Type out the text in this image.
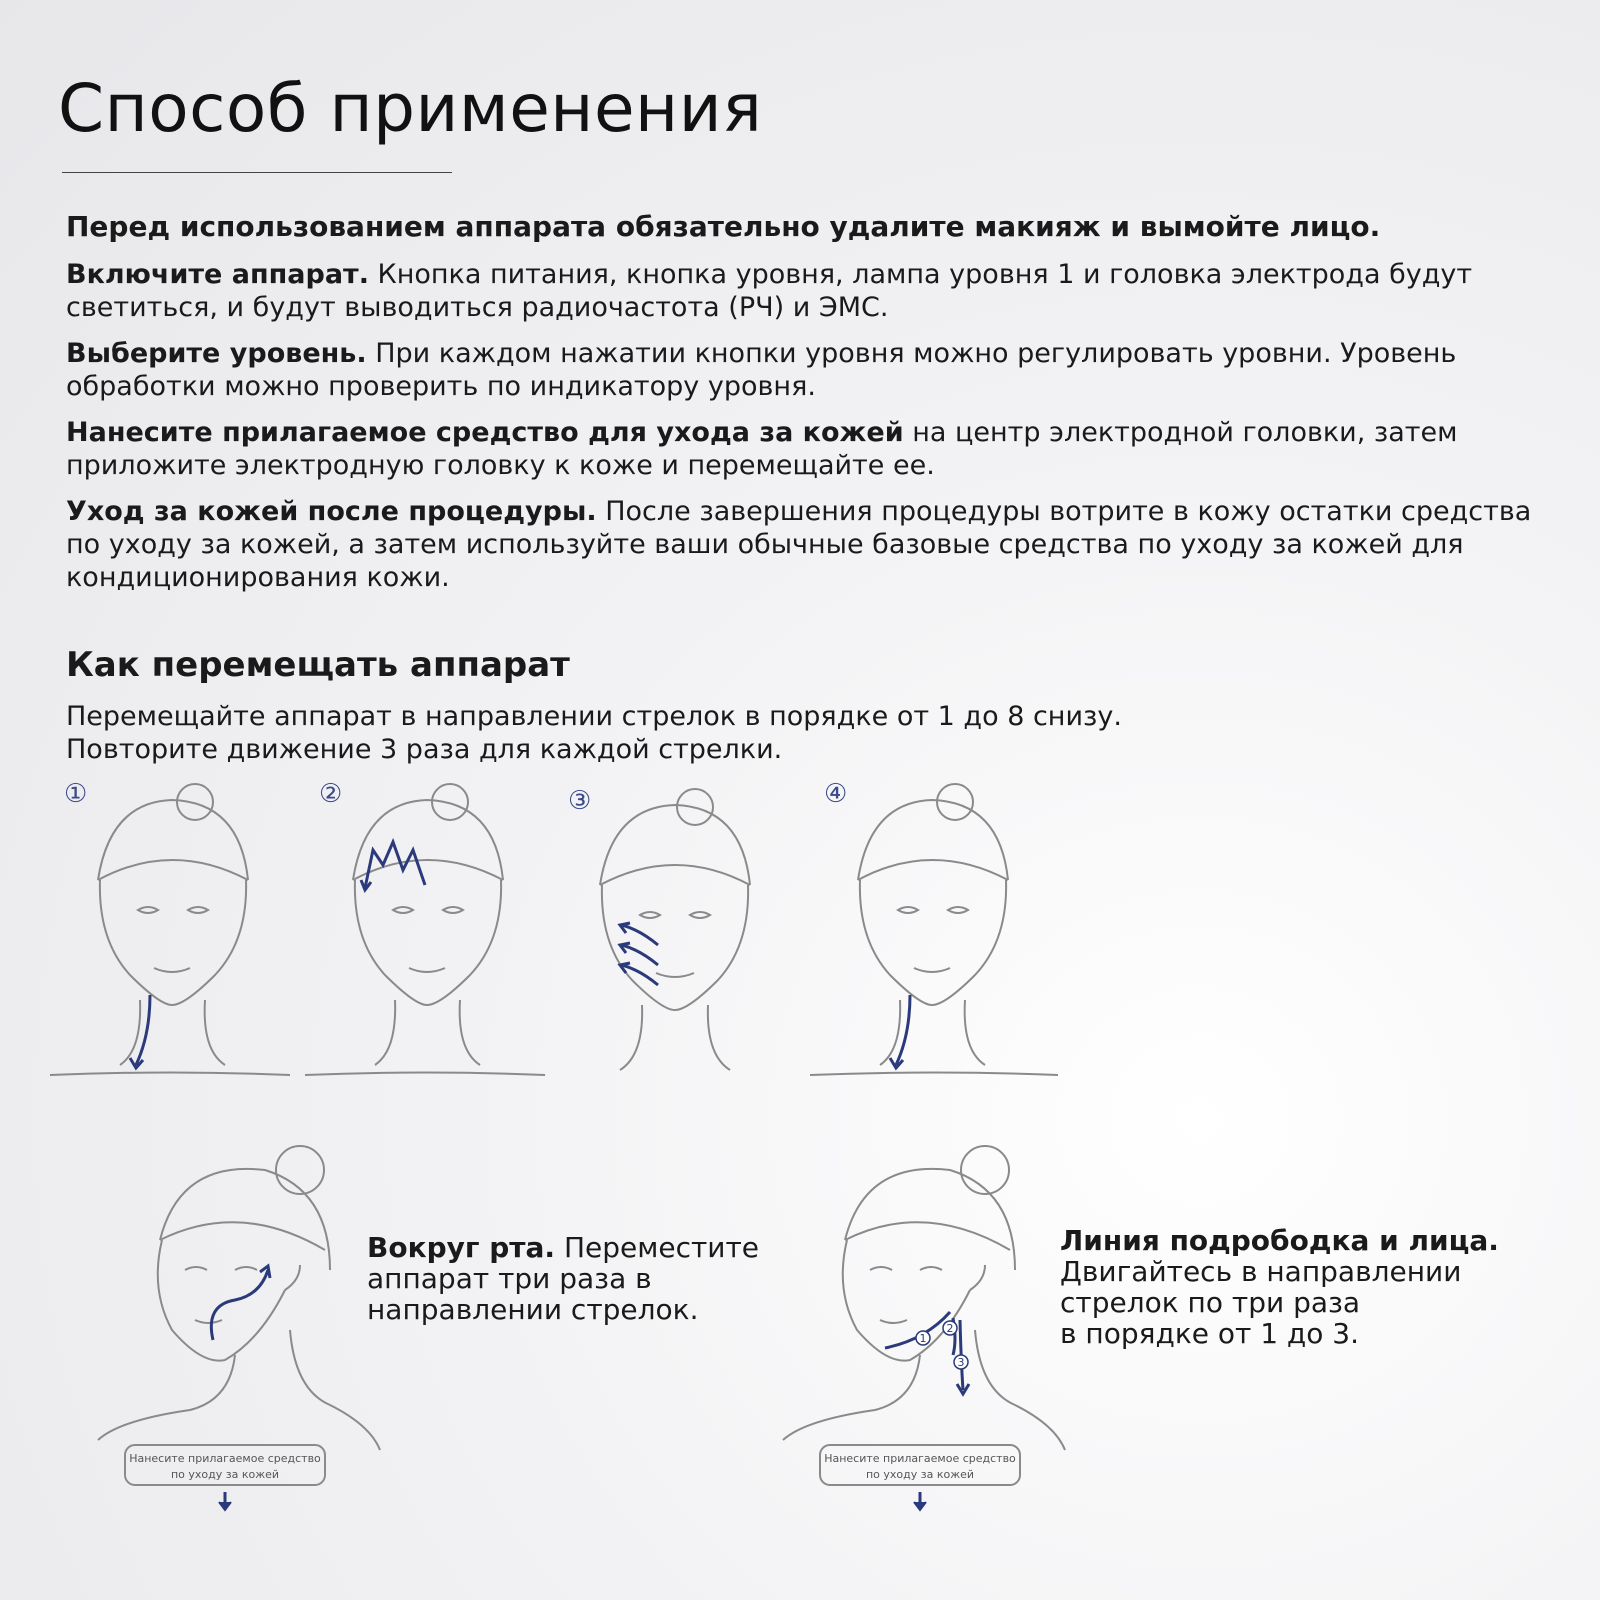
Способ применения

Перед использованием аппарата обязательно удалите макияж и вымойте лицо.

Включите аппарат. Кнопка питания, кнопка уровня, лампа уровня 1 и головка электрода будут светиться, и будут выводиться радиочастота (РЧ) и ЭМС.

Выберите уровень. При каждом нажатии кнопки уровня можно регулировать уровни. Уровень обработки можно проверить по индикатору уровня.

Нанесите прилагаемое средство для ухода за кожей на центр электродной головки, затем приложите электродную головку к коже и перемещайте ее.

Уход за кожей после процедуры. После завершения процедуры вотрите в кожу остатки средства по уходу за кожей, а затем используйте ваши обычные базовые средства по уходу за кожей для кондиционирования кожи.

Как перемещать аппарат
Перемещайте аппарат в направлении стрелок в порядке от 1 до 8 снизу.
Повторите движение 3 раза для каждой стрелки.
①	②	③	④
Нанесите прилагаемое средство
по уходу за кожей
Вокруг рта. Переместите аппарат три раза в направлении стрелок.
Нанесите прилагаемое средство
по уходу за кожей
1
2
3
Линия подрободка и лица.
Двигайтесь в направлении
стрелок по три раза
в порядке от 1 до 3.
